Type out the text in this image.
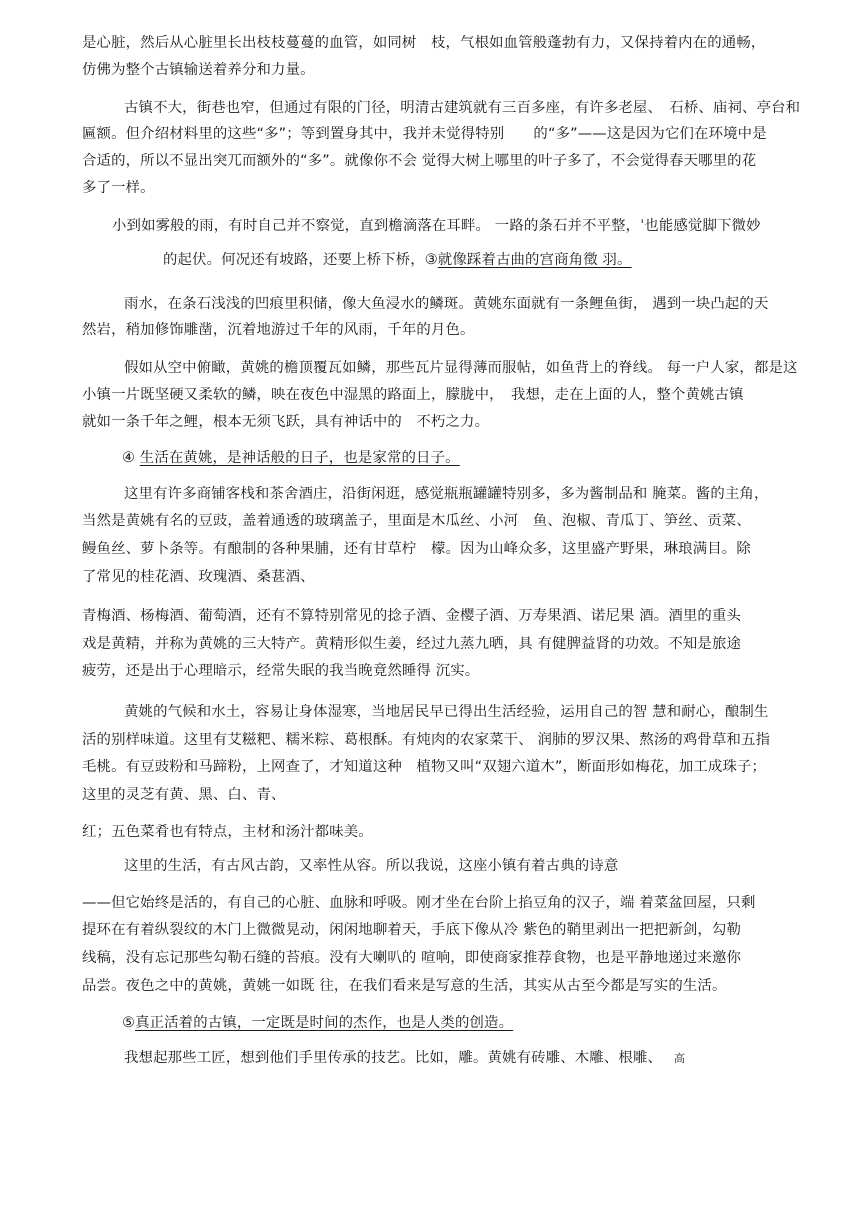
是心脏，然后从心脏里长出枝枝蔓蔓的血管，如同树　枝，气根如血管般蓬勃有力，又保持着内在的通畅，
仿佛为整个古镇输送着养分和力量。
古镇不大，街巷也窄，但通过有限的门径，明清古建筑就有三百多座，有许多老屋、　石桥、庙祠、亭台和
匾额。但介绍材料里的这些“多”；等到置身其中，我并未觉得特别　　的“多”——这是因为它们在环境中是
合适的，所以不显出突兀而额外的“多”。就像你不会 觉得大树上哪里的叶子多了，不会觉得春天哪里的花
多了一样。
小到如雾般的雨，有时自己并不察觉，直到檐滴落在耳畔。 一路的条石并不平整，ˈ也能感觉脚下微妙
的起伏。何况还有坡路，还要上桥下桥，③就像踩着古曲的宫商角徵 羽。
雨水，在条石浅浅的凹痕里积储，像大鱼浸水的鳞斑。黄姚东面就有一条鲤鱼街， 遇到一块凸起的天
然岩，稍加修饰雕凿，沉着地游过千年的风雨，千年的月色。
假如从空中俯瞰，黄姚的檐顶覆瓦如鳞，那些瓦片显得薄而服帖，如鱼背上的脊线。 每一户人家，都是这
小镇一片既坚硬又柔软的鳞，映在夜色中湿黑的路面上，朦胧中，　我想，走在上面的人，整个黄姚古镇
就如一条千年之鲤，根本无须飞跃，具有神话中的　不朽之力。
④ 生活在黄姚，是神话般的日子，也是家常的日子。
这里有许多商铺客栈和茶舍酒庄，沿街闲逛，感觉瓶瓶罐罐特别多，多为酱制品和 腌菜。酱的主角，
当然是黄姚有名的豆豉，盖着通透的玻璃盖子，里面是木瓜丝、小河　鱼、泡椒、青瓜丁、笋丝、贡菜、
鳗鱼丝、萝卜条等。有酿制的各种果脯，还有甘草柠　檬。因为山峰众多，这里盛产野果，琳琅满目。除
了常见的桂花酒、玫瑰酒、桑葚酒、
青梅酒、杨梅酒、葡萄酒，还有不算特别常见的捻子酒、金樱子酒、万寿果酒、诺尼果 酒。酒里的重头
戏是黄精，并称为黄姚的三大特产。黄精形似生姜，经过九蒸九晒，具 有健脾益肾的功效。不知是旅途
疲劳，还是出于心理暗示，经常失眠的我当晚竟然睡得 沉实。
黄姚的气候和水土，容易让身体湿寒，当地居民早已得出生活经验，运用自己的智 慧和耐心，酿制生
活的别样味道。这里有艾糍粑、糯米粽、葛根酥。有炖肉的农家菜干、 润肺的罗汉果、熬汤的鸡骨草和五指
毛桃。有豆豉粉和马蹄粉，上网查了，才知道这种　植物又叫“双翅六道木”，断面形如梅花，加工成珠子；
这里的灵芝有黄、黑、白、青、
红；五色菜肴也有特点，主材和汤汁都味美。
这里的生活，有古风古韵，又率性从容。所以我说，这座小镇有着古典的诗意
——但它始终是活的，有自己的心脏、血脉和呼吸。刚才坐在台阶上掐豆角的汉子，端 着菜盆回屋，只剩
提环在有着纵裂纹的木门上微微晃动，闲闲地聊着天，手底下像从冷 紫色的鞘里剥出一把把新剑，勾勒
线稿，没有忘记那些勾勒石缝的苔痕。没有大喇叭的 喧响，即使商家推荐食物，也是平静地递过来邀你
品尝。夜色之中的黄姚，黄姚一如既 往，在我们看来是写意的生活，其实从古至今都是写实的生活。
⑤真正活着的古镇，一定既是时间的杰作，也是人类的创造。
我想起那些工匠，想到他们手里传承的技艺。比如，雕。黄姚有砖雕、木雕、根雕、 高
